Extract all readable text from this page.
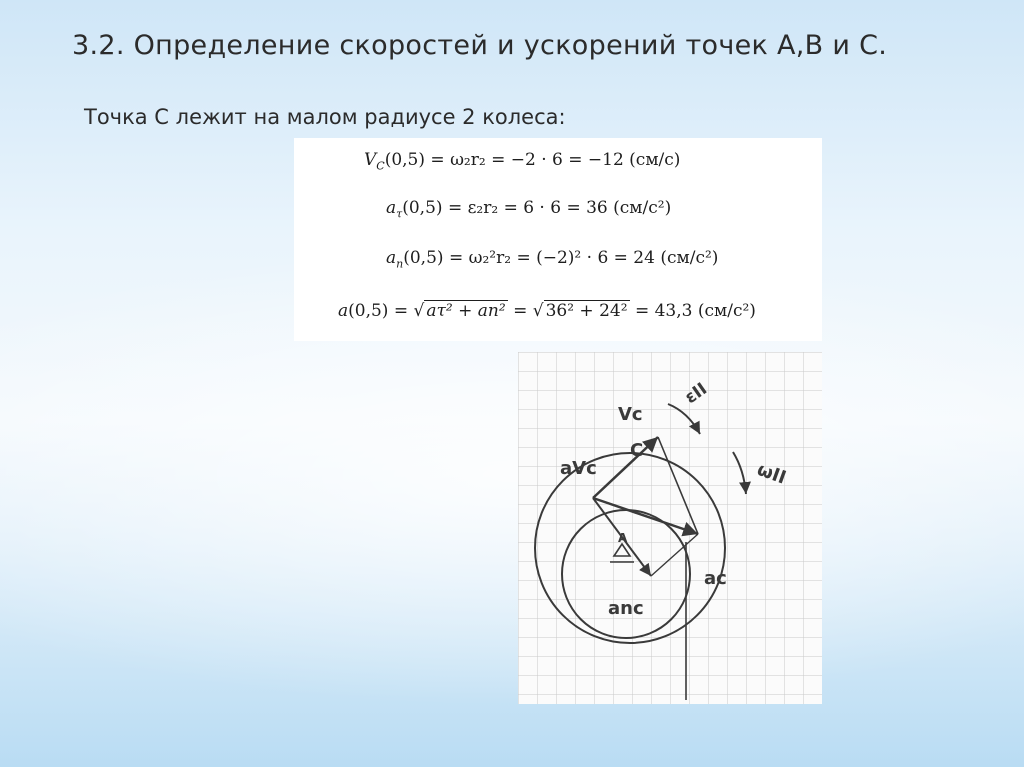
3.2. Определение скоростей и ускорений точек А,В и С.
Точка С лежит на малом радиусе 2 колеса:
$V_C(0,5) = \omega_2r_2 = -2 \cdot 6 = -12$ (см/с)
$a_\tau(0,5) = \varepsilon_2r_2 = 6 \cdot 6 = 36$ (см/с²)
$a_n(0,5) = \omega_2^2r_2 = (-2)^2 \cdot 6 = 24$ (см/с²)
a(0,5) = √ aτ² + an² = √ 36² + 24² = 43,3 (см/с²)
Vc
C
aVc
εII
ωII
ac
anc
A
